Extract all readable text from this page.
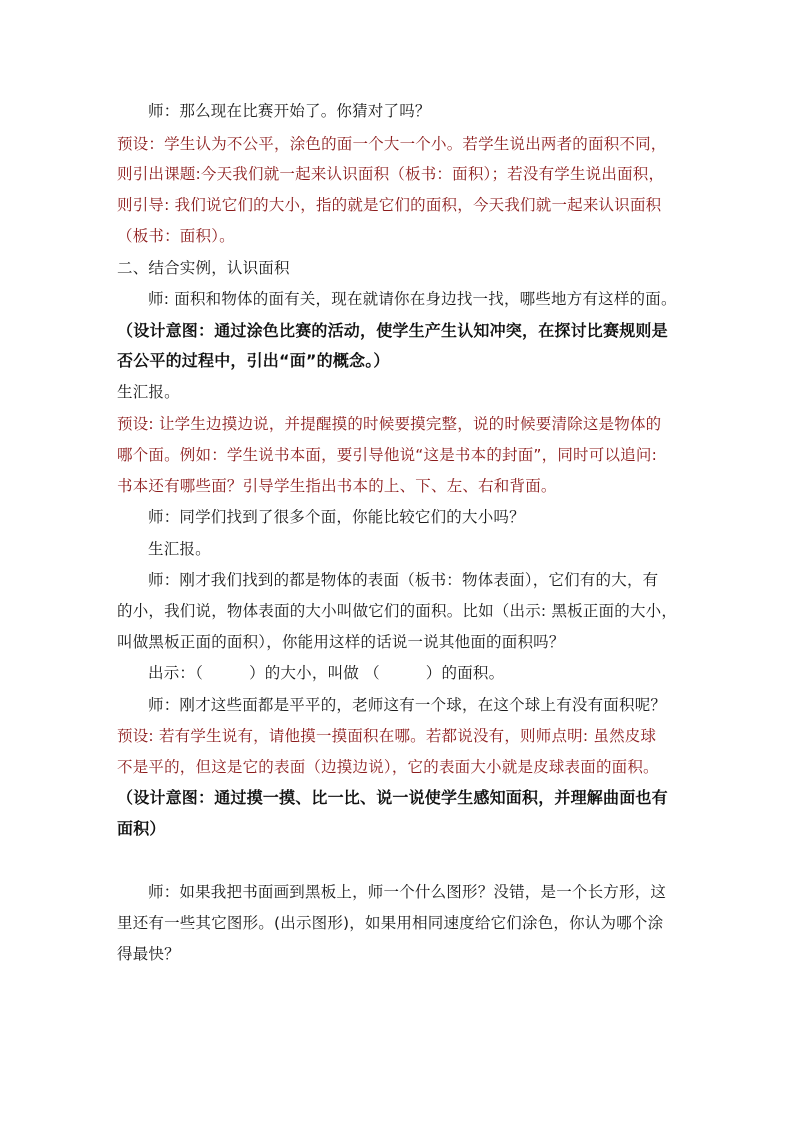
师：那么现在比赛开始了。你猜对了吗？

预设：学生认为不公平，涂色的面一个大一个小。若学生说出两者的面积不同，

则引出课题:今天我们就一起来认识面积（板书：面积）；若没有学生说出面积，

则引导: 我们说它们的大小，指的就是它们的面积，今天我们就一起来认识面积

（板书：面积）。

二、结合实例，认识面积

师: 面积和物体的面有关，现在就请你在身边找一找，哪些地方有这样的面。

（设计意图：通过涂色比赛的活动，使学生产生认知冲突，在探讨比赛规则是

否公平的过程中，引出“面”的概念。）

生汇报。

预设: 让学生边摸边说，并提醒摸的时候要摸完整，说的时候要清除这是物体的

哪个面。例如：学生说书本面，要引导他说“这是书本的封面”，同时可以追问:

书本还有哪些面？引导学生指出书本的上、下、左、右和背面。

师：同学们找到了很多个面，你能比较它们的大小吗？

生汇报。

师：刚才我们找到的都是物体的表面（板书：物体表面），它们有的大，有

的小，我们说，物体表面的大小叫做它们的面积。比如（出示: 黑板正面的大小，

叫做黑板正面的面积），你能用这样的话说一说其他面的面积吗？

出示：（	）的大小，叫做 （	）的面积。

师：刚才这些面都是平平的，老师这有一个球，在这个球上有没有面积呢？

预设: 若有学生说有，请他摸一摸面积在哪。若都说没有，则师点明: 虽然皮球

不是平的，但这是它的表面（边摸边说），它的表面大小就是皮球表面的面积。

（设计意图：通过摸一摸、比一比、说一说使学生感知面积，并理解曲面也有

面积）

师：如果我把书面画到黑板上，师一个什么图形？没错，是一个长方形，这

里还有一些其它图形。(出示图形)，如果用相同速度给它们涂色，你认为哪个涂

得最快？
